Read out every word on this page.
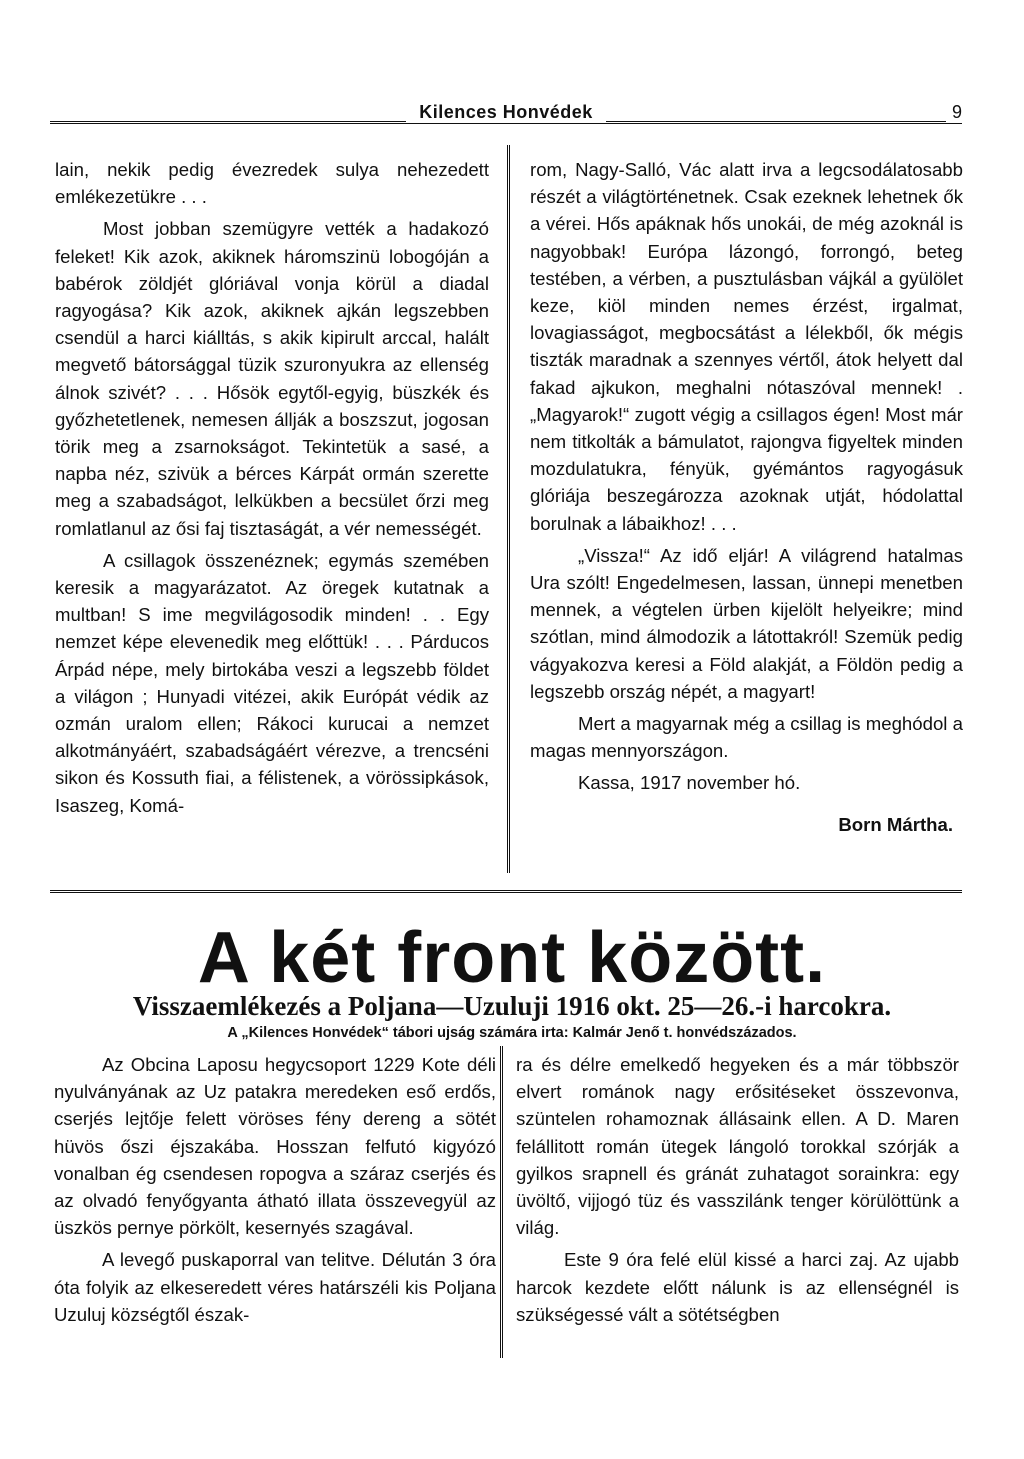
Kilences Honvédek	9

lain, nekik pedig évezredek sulya nehezedett emlékezetükre . . .

Most jobban szemügyre vették a hadakozó feleket! Kik azok, akiknek háromszinü lobogóján a babérok zöldjét glóriával vonja körül a diadal ragyogása? Kik azok, akiknek ajkán legszebben csendül a harci kiálltás, s akik kipirult arccal, halált megvető bátorsággal tüzik szuronyukra az ellenség álnok szivét? . . . Hősök egytől-egyig, büszkék és győzhetetlenek, nemesen állják a boszszut, jogosan törik meg a zsarnokságot. Tekintetük a sasé, a napba néz, szivük a bérces Kárpát ormán szerette meg a szabadságot, lelkükben a becsület őrzi meg romlatlanul az ősi faj tisztaságát, a vér nemességét.

A csillagok összenéznek; egymás szemében keresik a magyarázatot. Az öregek kutatnak a multban! S ime megvilágosodik minden! . . Egy nemzet képe elevenedik meg előttük! . . . Párducos Árpád népe, mely birtokába veszi a legszebb földet a világon ; Hunyadi vitézei, akik Európát védik az ozmán uralom ellen; Rákoci kurucai a nemzet alkotmányáért, szabadságáért vérezve, a trencséni sikon és Kossuth fiai, a félistenek, a vörössipkások, Isaszeg, Komá-

rom, Nagy-Salló, Vác alatt irva a legcsodálatosabb részét a világtörténetnek. Csak ezeknek lehetnek ők a vérei. Hős apáknak hős unokái, de még azoknál is nagyobbak! Európa lázongó, forrongó, beteg testében, a vérben, a pusztulásban vájkál a gyülölet keze, kiöl minden nemes érzést, irgalmat, lovagiasságot, megbocsátást a lélekből, ők mégis tiszták maradnak a szennyes vértől, átok helyett dal fakad ajkukon, meghalni nótaszóval mennek! . „Magyarok!“ zugott végig a csillagos égen! Most már nem titkolták a bámulatot, rajongva figyeltek minden mozdulatukra, fényük, gyémántos ragyogásuk glóriája beszegározza azoknak utját, hódolattal borulnak a lábaikhoz! . . .

„Vissza!“ Az idő eljár! A világrend hatalmas Ura szólt! Engedelmesen, lassan, ünnepi menetben mennek, a végtelen ürben kijelölt helyeikre; mind szótlan, mind álmodozik a látottakról! Szemük pedig vágyakozva keresi a Föld alakját, a Földön pedig a legszebb ország népét, a magyart!

Mert a magyarnak még a csillag is meghódol a magas mennyországon.

Kassa, 1917 november hó.

Born Mártha.

A két front között.
Visszaemlékezés a Poljana—Uzuluji 1916 okt. 25—26.-i harcokra.
A „Kilences Honvédek“ tábori ujság számára irta: Kalmár Jenő t. honvédszázados.

Az Obcina Laposu hegycsoport 1229 Kote déli nyulványának az Uz patakra meredeken eső erdős, cserjés lejtője felett vöröses fény dereng a sötét hüvös őszi éjszakába. Hosszan felfutó kigyózó vonalban ég csendesen ropogva a száraz cserjés és az olvadó fenyőgyanta átható illata összevegyül az üszkös pernye pörkölt, kesernyés szagával.

A levegő puskaporral van telitve. Délután 3 óra óta folyik az elkeseredett véres határszéli kis Poljana Uzuluj községtől észak-

ra és délre emelkedő hegyeken és a már többször elvert románok nagy erősitéseket összevonva, szüntelen rohamoznak állásaink ellen. A D. Maren felállitott román ütegek lángoló torokkal szórják a gyilkos srapnell és gránát zuhatagot sorainkra: egy üvöltő, vijjogó tüz és vasszilánk tenger körülöttünk a világ.

Este 9 óra felé elül kissé a harci zaj. Az ujabb harcok kezdete előtt nálunk is az ellenségnél is szükségessé vált a sötétségben
